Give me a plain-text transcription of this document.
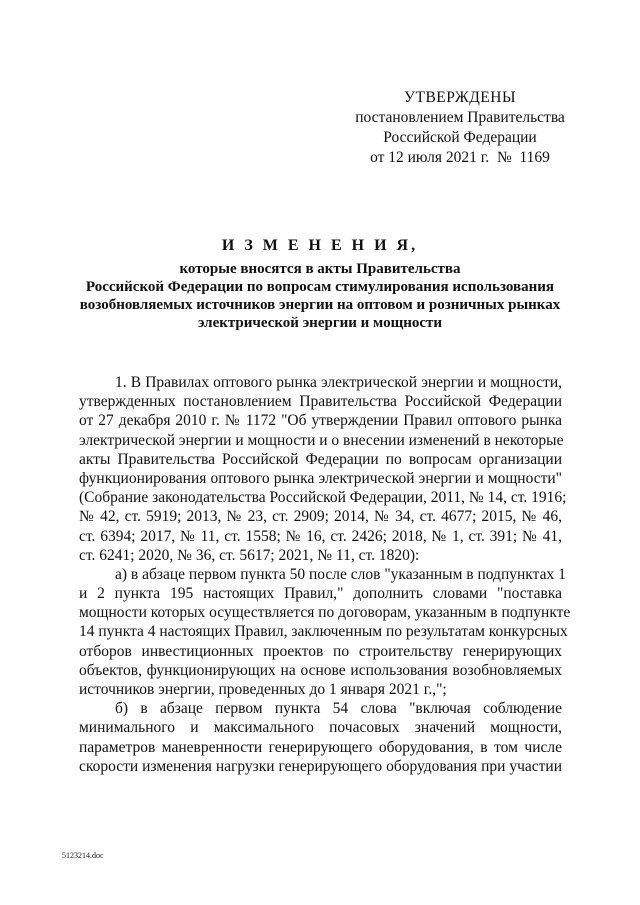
УТВЕРЖДЕНЫ
постановлением Правительства
Российской Федерации
от 12 июля 2021 г.  №  1169
И З М Е Н Е Н И Я,
которые вносятся в акты Правительства
Российской Федерации по вопросам стимулирования использования
возобновляемых источников энергии на оптовом и розничных рынках
электрической энергии и мощности
1. В Правилах оптового рынка электрической энергии и мощности,
утвержденных постановлением Правительства Российской Федерации
от 27 декабря 2010 г. № 1172 "Об утверждении Правил оптового рынка
электрической энергии и мощности и о внесении изменений в некоторые
акты Правительства Российской Федерации по вопросам организации
функционирования оптового рынка электрической энергии и мощности"
(Собрание законодательства Российской Федерации, 2011, № 14, ст. 1916;
№ 42, ст. 5919; 2013, № 23, ст. 2909; 2014, № 34, ст. 4677; 2015, № 46,
ст. 6394; 2017, № 11, ст. 1558; № 16, ст. 2426; 2018, № 1, ст. 391; № 41,
ст. 6241; 2020, № 36, ст. 5617; 2021, № 11, ст. 1820):
а) в абзаце первом пункта 50 после слов "указанным в подпунктах 1
и 2 пункта 195 настоящих Правил," дополнить словами "поставка
мощности которых осуществляется по договорам, указанным в подпункте
14 пункта 4 настоящих Правил, заключенным по результатам конкурсных
отборов инвестиционных проектов по строительству генерирующих
объектов, функционирующих на основе использования возобновляемых
источников энергии, проведенных до 1 января 2021 г.,";
б) в абзаце первом пункта 54 слова "включая соблюдение
минимального и максимального почасовых значений мощности,
параметров маневренности генерирующего оборудования, в том числе
скорости изменения нагрузки генерирующего оборудования при участии
5123214.doc
